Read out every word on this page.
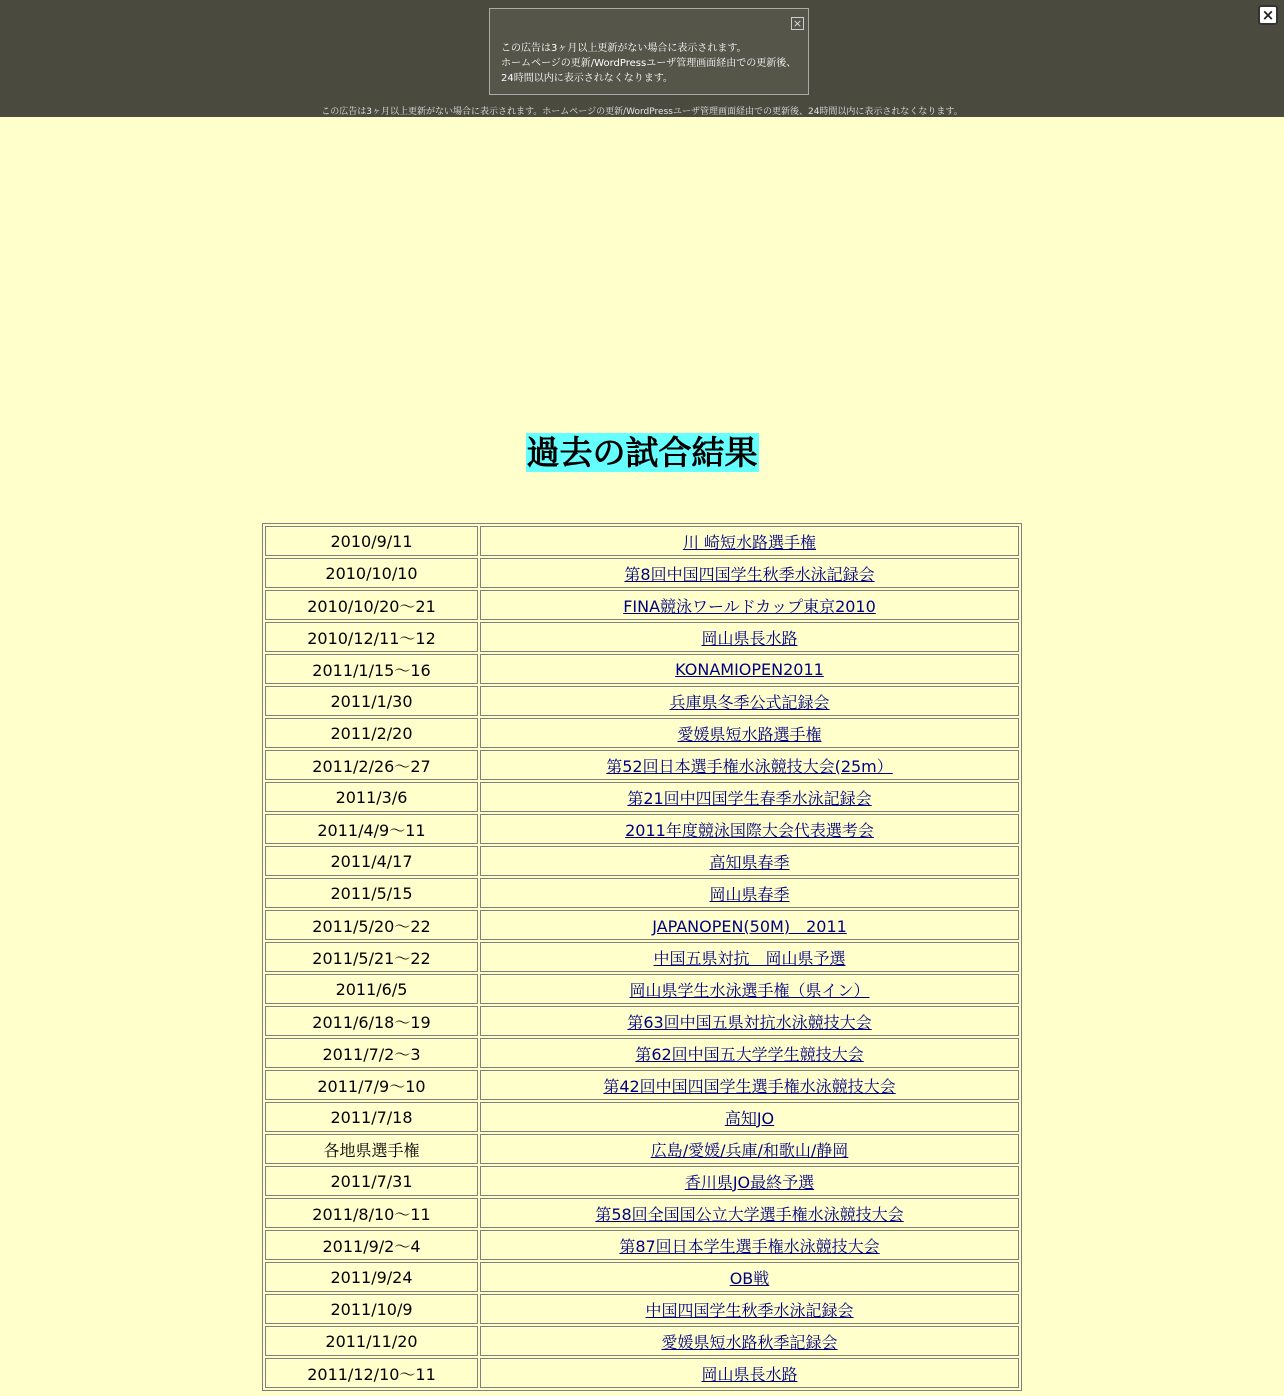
×
この広告は3ヶ月以上更新がない場合に表示されます。
ホームページの更新/WordPressユーザ管理画面経由での更新後、
24時間以内に表示されなくなります。
この広告は3ヶ月以上更新がない場合に表示されます。ホームページの更新/WordPressユーザ管理画面経由での更新後、24時間以内に表示されなくなります。
×
過去の試合結果
2010/9/11	川 崎短水路選手権
2010/10/10	第8回中国四国学生秋季水泳記録会
2010/10/20～21	FINA競泳ワールドカップ東京2010
2010/12/11～12	岡山県長水路
2011/1/15～16	KONAMIOPEN2011
2011/1/30	兵庫県冬季公式記録会
2011/2/20	愛媛県短水路選手権
2011/2/26～27	第52回日本選手権水泳競技大会(25m）
2011/3/6	第21回中四国学生春季水泳記録会
2011/4/9～11	2011年度競泳国際大会代表選考会
2011/4/17	高知県春季
2011/5/15	岡山県春季
2011/5/20～22	JAPANOPEN(50M)　2011
2011/5/21～22	中国五県対抗　岡山県予選
2011/6/5	岡山県学生水泳選手権（県イン）
2011/6/18～19	第63回中国五県対抗水泳競技大会
2011/7/2～3	第62回中国五大学学生競技大会
2011/7/9～10	第42回中国四国学生選手権水泳競技大会
2011/7/18	高知JO
各地県選手権	広島/愛媛/兵庫/和歌山/静岡
2011/7/31	香川県JO最終予選
2011/8/10～11	第58回全国国公立大学選手権水泳競技大会
2011/9/2～4	第87回日本学生選手権水泳競技大会
2011/9/24	OB戦
2011/10/9	中国四国学生秋季水泳記録会
2011/11/20	愛媛県短水路秋季記録会
2011/12/10～11	岡山県長水路
